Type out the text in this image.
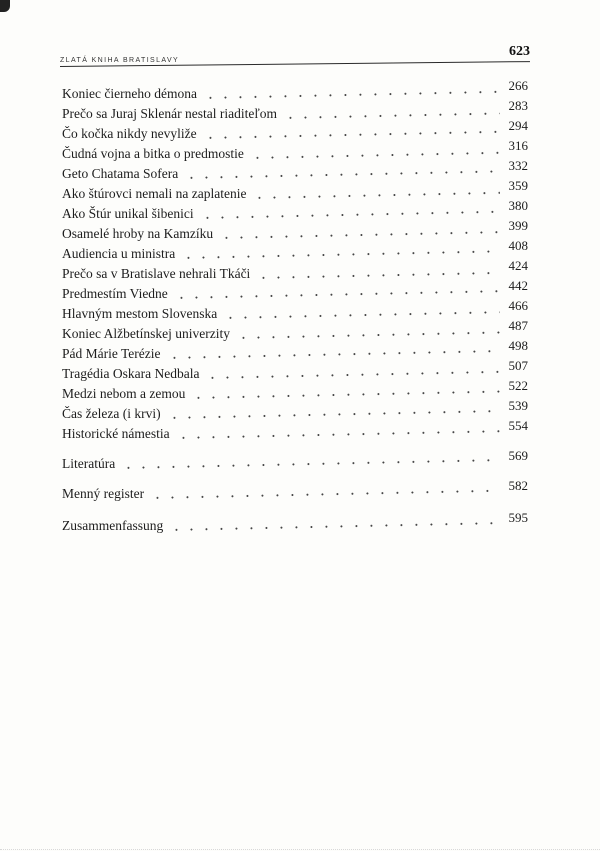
ZLATÁ KNIHA BRATISLAVY
623
Koniec čierneho démona
266
Prečo sa Juraj Sklenár nestal riaditeľom
283
Čo kočka nikdy nevyliže
294
Čudná vojna a bitka o predmostie
316
Geto Chatama Sofera
332
Ako štúrovci nemali na zaplatenie
359
Ako Štúr unikal šibenici
380
Osamelé hroby na Kamzíku
399
Audiencia u ministra
408
Prečo sa v Bratislave nehrali Tkáči
424
Predmestím Viedne
442
Hlavným mestom Slovenska
466
Koniec Alžbetínskej univerzity
487
Pád Márie Terézie
498
Tragédia Oskara Nedbala
507
Medzi nebom a zemou
522
Čas železa (i krvi)
539
Historické námestia
554
Literatúra
569
Menný register
582
Zusammenfassung
595
